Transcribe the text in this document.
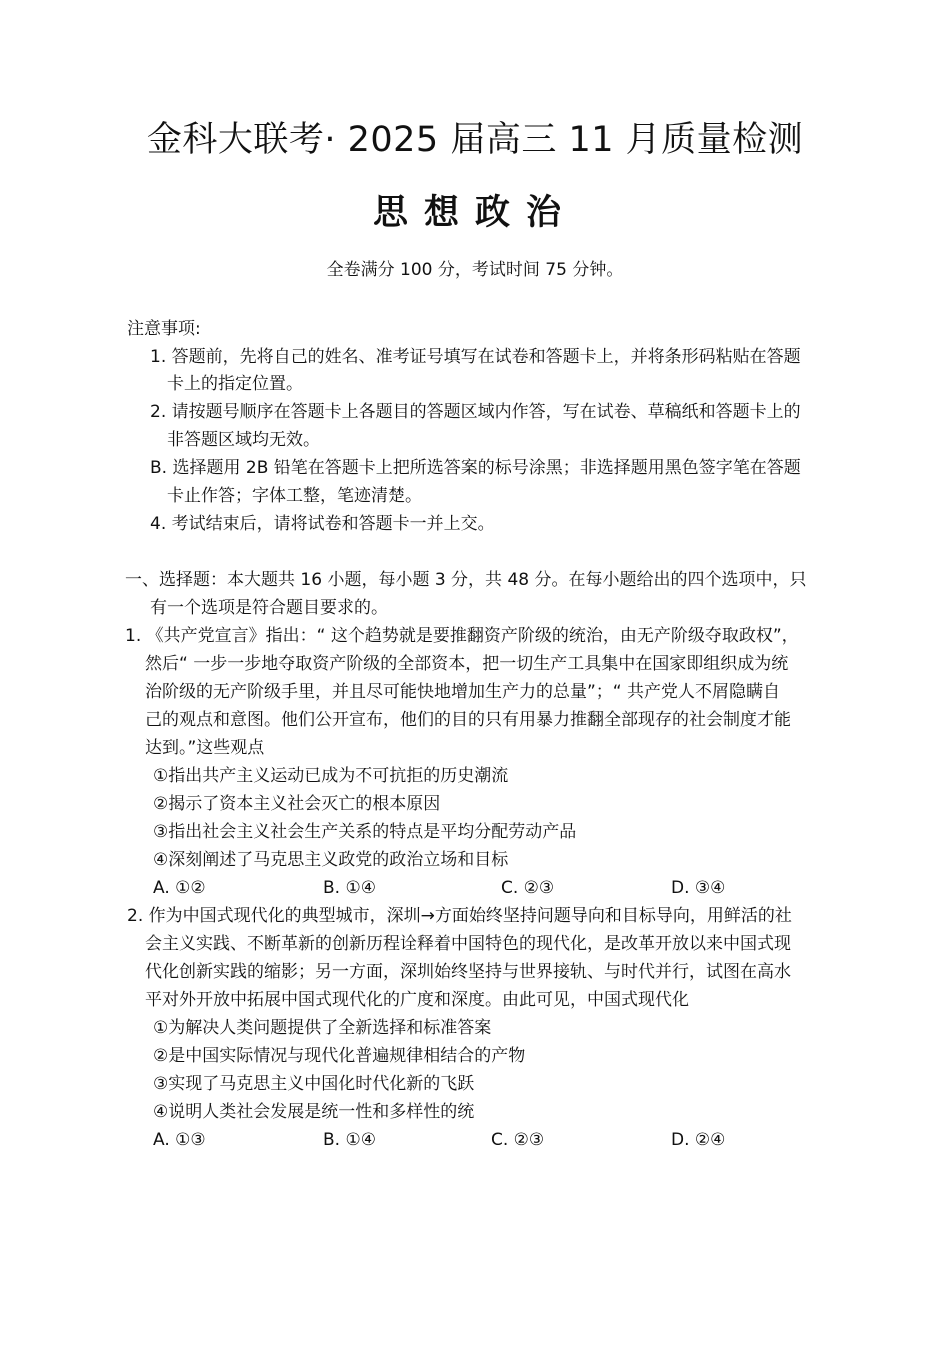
金科大联考· 2025 届高三 11 月质量检测
思想政治
全卷满分 100 分，考试时间 75 分钟。
注意事项:
1. 答题前，先将自己的姓名、准考证号填写在试卷和答题卡上，并将条形码粘贴在答题
卡上的指定位置。
2. 请按题号顺序在答题卡上各题目的答题区域内作答，写在试卷、草稿纸和答题卡上的
非答题区域均无效。
B. 选择题用 2B 铅笔在答题卡上把所选答案的标号涂黑；非选择题用黑色签字笔在答题
卡止作答；字体工整，笔迹清楚。
4. 考试结束后，请将试卷和答题卡一并上交。
一、选择题：本大题共 16 小题，每小题 3 分，共 48 分。在每小题给出的四个选项中，只
有一个选项是符合题目要求的。
1. 《共产党宣言》指出：“ 这个趋势就是要推翻资产阶级的统治，由无产阶级夺取政权”，
然后“ 一步一步地夺取资产阶级的全部资本，把一切生产工具集中在国家即组织成为统
治阶级的无产阶级手里，并且尽可能快地增加生产力的总量”；“ 共产党人不屑隐瞒自
己的观点和意图。他们公开宣布，他们的目的只有用暴力推翻全部现存的社会制度才能
达到。”这些观点
①指出共产主义运动已成为不可抗拒的历史潮流
②揭示了资本主义社会灭亡的根本原因
③指出社会主义社会生产关系的特点是平均分配劳动产品
④深刻阐述了马克思主义政党的政治立场和目标
A. ①②	B. ①④	C. ②③	D. ③④
2. 作为中国式现代化的典型城市，深圳→方面始终坚持问题导向和目标导向，用鲜活的社
会主义实践、不断革新的创新历程诠释着中国特色的现代化，是改革开放以来中国式现
代化创新实践的缩影；另一方面，深圳始终坚持与世界接轨、与时代并行，试图在高水
平对外开放中拓展中国式现代化的广度和深度。由此可见，中国式现代化
①为解决人类问题提供了全新选择和标准答案
②是中国实际情况与现代化普遍规律相结合的产物
③实现了马克思主义中国化时代化新的飞跃
④说明人类社会发展是统一性和多样性的统
A. ①③	B. ①④	C. ②③	D. ②④
